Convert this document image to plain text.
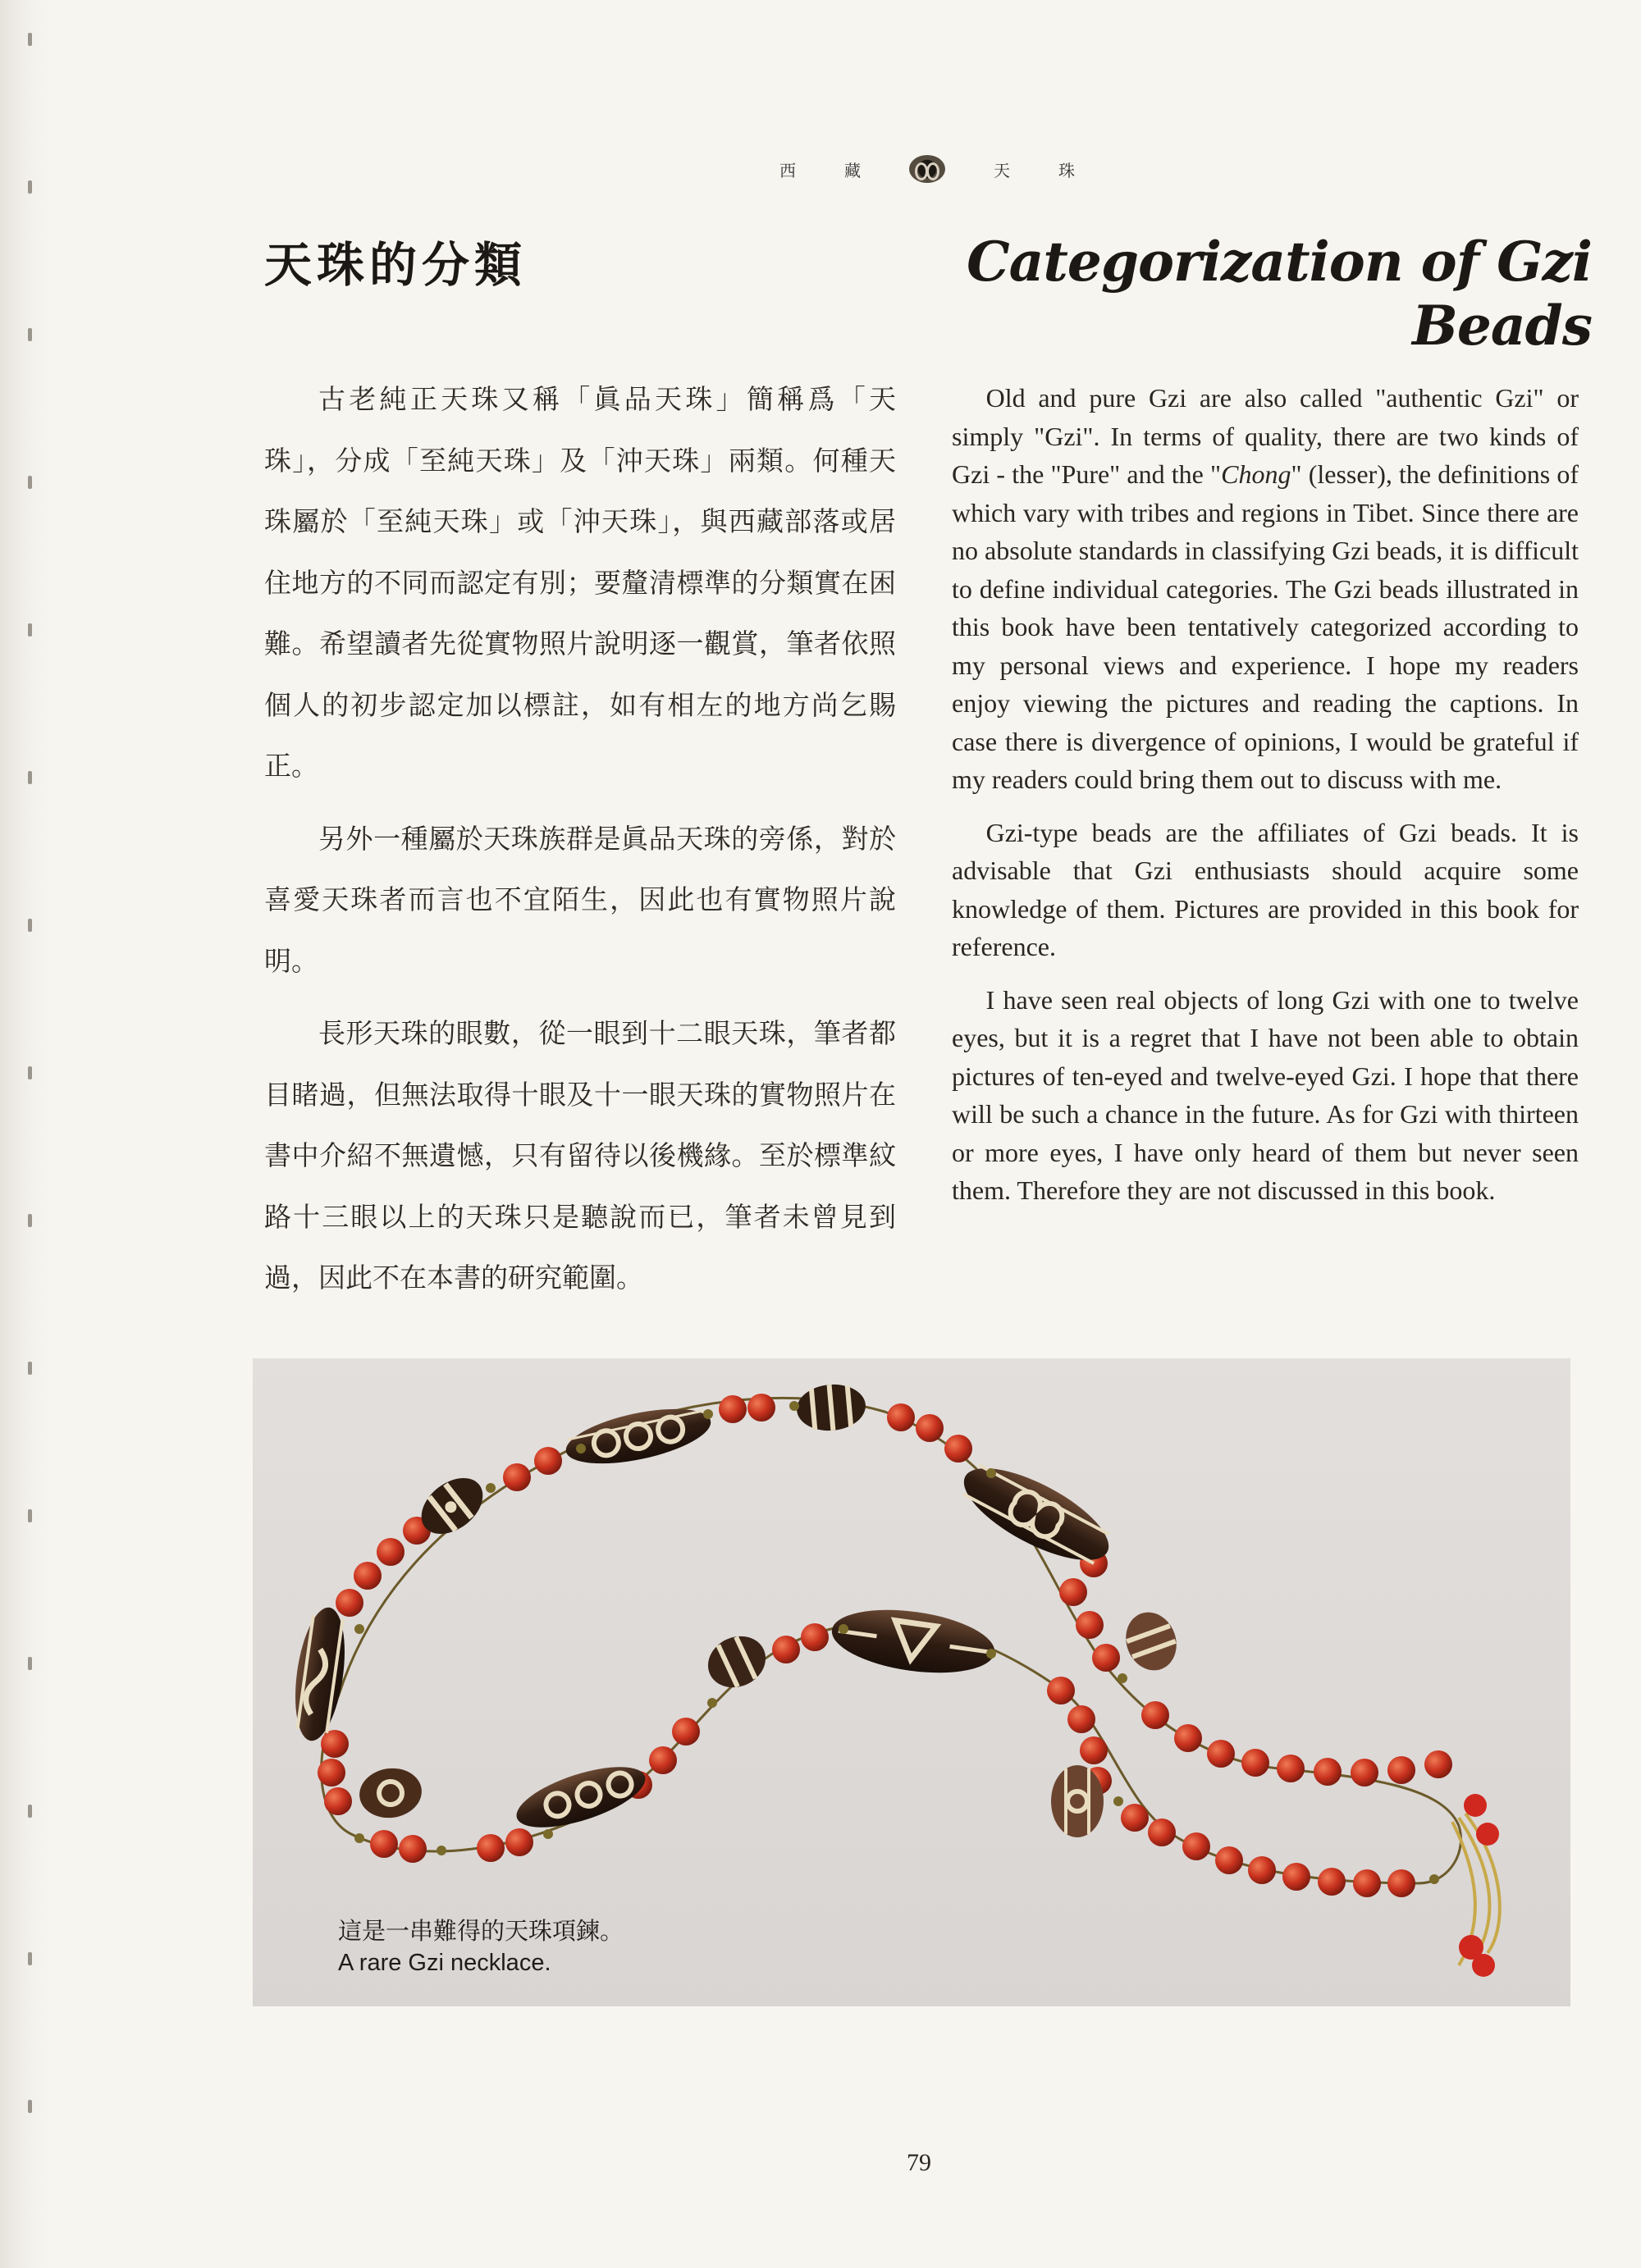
西	藏	天	珠
天珠的分類	Categorization of Gzi Beads

古老純正天珠又稱「眞品天珠」簡稱爲「天珠」，分成「至純天珠」及「沖天珠」兩類。何種天珠屬於「至純天珠」或「沖天珠」，與西藏部落或居住地方的不同而認定有別；要釐清標準的分類實在困難。希望讀者先從實物照片說明逐一觀賞，筆者依照個人的初步認定加以標註，如有相左的地方尚乞賜正。

另外一種屬於天珠族群是眞品天珠的旁係，對於喜愛天珠者而言也不宜陌生，因此也有實物照片說明。

長形天珠的眼數，從一眼到十二眼天珠，筆者都目睹過，但無法取得十眼及十一眼天珠的實物照片在書中介紹不無遺憾，只有留待以後機緣。至於標準紋路十三眼以上的天珠只是聽說而已，筆者未曾見到過，因此不在本書的研究範圍。

Old and pure Gzi are also called "authentic Gzi" or simply "Gzi". In terms of quality, there are two kinds of Gzi - the "Pure" and the "Chong" (lesser), the definitions of which vary with tribes and regions in Tibet. Since there are no absolute standards in classifying Gzi beads, it is difficult to define individual categories. The Gzi beads illustrated in this book have been tentatively categorized according to my personal views and experience. I hope my readers enjoy viewing the pictures and reading the captions. In case there is divergence of opinions, I would be grateful if my readers could bring them out to discuss with me.

Gzi-type beads are the affiliates of Gzi beads. It is advisable that Gzi enthusiasts should acquire some knowledge of them. Pictures are provided in this book for reference.

I have seen real objects of long Gzi with one to twelve eyes, but it is a regret that I have not been able to obtain pictures of ten-eyed and twelve-eyed Gzi. I hope that there will be such a chance in the future. As for Gzi with thirteen or more eyes, I have only heard of them but never seen them. Therefore they are not discussed in this book.

這是一串難得的天珠項鍊。
A rare Gzi necklace.
79
